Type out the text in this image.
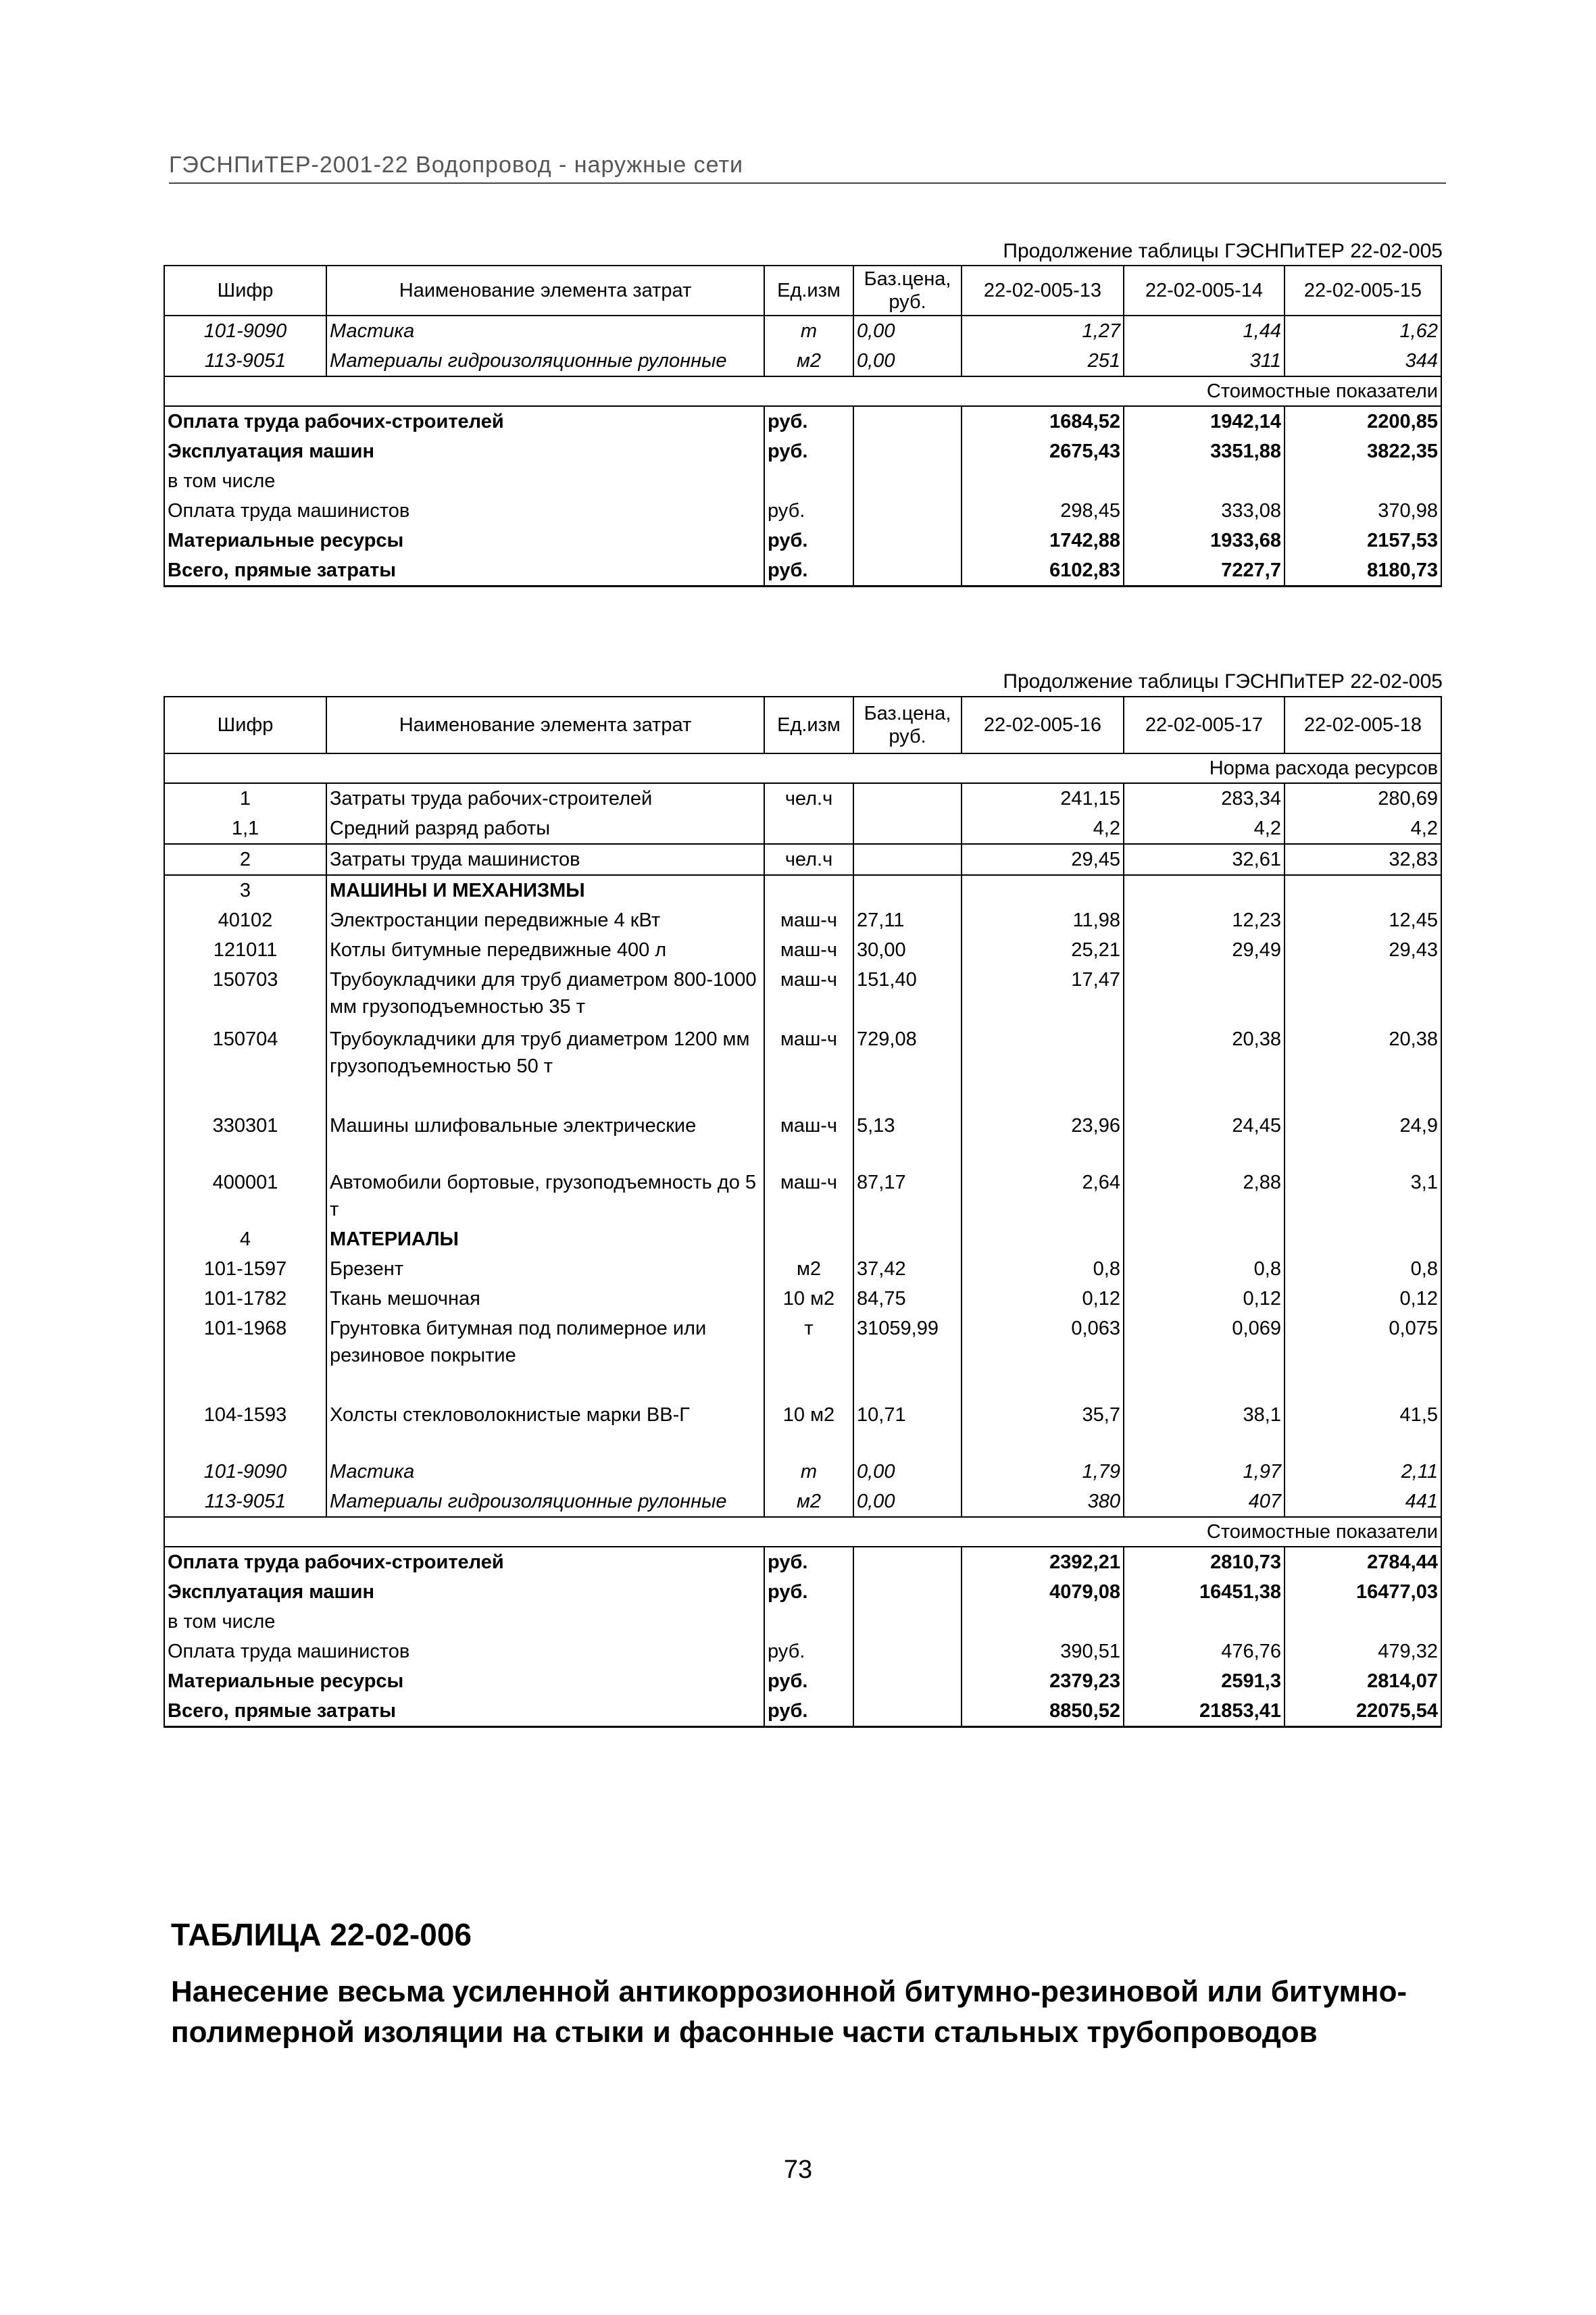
ГЭСНПиТЕР-2001-22 Водопровод - наружные сети
Продолжение таблицы ГЭСНПиТЕР 22-02-005
Шифр	Наименование элемента затрат	Ед.изм	Баз.цена, руб.	22-02-005-13	22-02-005-14	22-02-005-15
101-9090	Мастика	т	0,00	1,27	1,44	1,62
113-9051	Материалы гидроизоляционные рулонные	м2	0,00	251	311	344
Стоимостные показатели						
Оплата труда рабочих-строителей		руб.		1684,52	1942,14	2200,85
Эксплуатация машин		руб.		2675,43	3351,88	3822,35
в том числе						
Оплата труда машинистов		руб.		298,45	333,08	370,98
Материальные ресурсы		руб.		1742,88	1933,68	2157,53
Всего, прямые затраты		руб.		6102,83	7227,7	8180,73
Продолжение таблицы ГЭСНПиТЕР 22-02-005
Шифр	Наименование элемента затрат	Ед.изм	Баз.цена, руб.	22-02-005-16	22-02-005-17	22-02-005-18
Норма расхода ресурсов						
1	Затраты труда рабочих-строителей	чел.ч		241,15	283,34	280,69
1,1	Средний разряд работы			4,2	4,2	4,2
2	Затраты труда машинистов	чел.ч		29,45	32,61	32,83
3	МАШИНЫ И МЕХАНИЗМЫ					
40102	Электростанции передвижные 4 кВт	маш-ч	27,11	11,98	12,23	12,45
121011	Котлы битумные передвижные 400 л	маш-ч	30,00	25,21	29,49	29,43
150703	Трубоукладчики для труб диаметром 800-1000 мм грузоподъемностью 35 т	маш-ч	151,40	17,47		
150704	Трубоукладчики для труб диаметром 1200 мм грузоподъемностью 50 т	маш-ч	729,08		20,38	20,38
330301	Машины шлифовальные электрические	маш-ч	5,13	23,96	24,45	24,9
400001	Автомобили бортовые, грузоподъемность до 5 т	маш-ч	87,17	2,64	2,88	3,1
4	МАТЕРИАЛЫ					
101-1597	Брезент	м2	37,42	0,8	0,8	0,8
101-1782	Ткань мешочная	10 м2	84,75	0,12	0,12	0,12
101-1968	Грунтовка битумная под полимерное или резиновое покрытие	т	31059,99	0,063	0,069	0,075
104-1593	Холсты стекловолокнистые марки ВВ-Г	10 м2	10,71	35,7	38,1	41,5
101-9090	Мастика	т	0,00	1,79	1,97	2,11
113-9051	Материалы гидроизоляционные рулонные	м2	0,00	380	407	441
Стоимостные показатели						
Оплата труда рабочих-строителей		руб.		2392,21	2810,73	2784,44
Эксплуатация машин		руб.		4079,08	16451,38	16477,03
в том числе						
Оплата труда машинистов		руб.		390,51	476,76	479,32
Материальные ресурсы		руб.		2379,23	2591,3	2814,07
Всего, прямые затраты		руб.		8850,52	21853,41	22075,54
ТАБЛИЦА 22-02-006
Нанесение весьма усиленной антикоррозионной битумно-резиновой или битумно-полимерной изоляции на стыки и фасонные части стальных трубопроводов
73
